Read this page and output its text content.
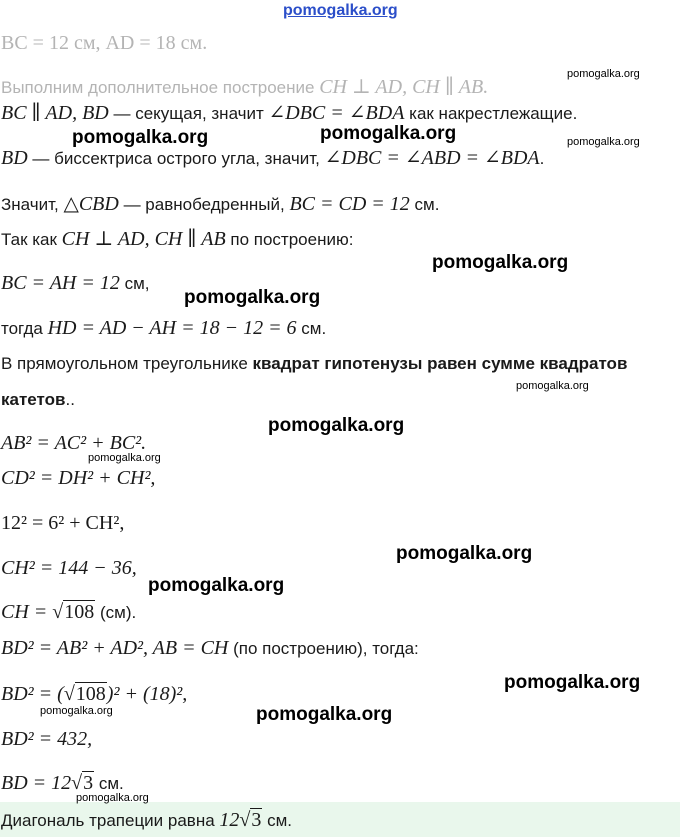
pomogalka.org
BC = 12 см, AD = 18 см.
Выполним дополнительное построение CH ⊥ AD, CH ∥ AB.
BC ∥ AD, BD — секущая, значит ∠DBC = ∠BDA как накрестлежащие.
BD — биссектриса острого угла, значит, ∠DBC = ∠ABD = ∠BDA.
Значит, △CBD — равнобедренный, BC = CD = 12 см.
Так как CH ⊥ AD, CH ∥ AB по построению:
BC = AH = 12 см,
тогда HD = AD − AH = 18 − 12 = 6 см.
В прямоугольном треугольнике квадрат гипотенузы равен сумме квадратов
катетов..
AB² = AC² + BC².
CD² = DH² + CH²,
12² = 6² + CH²,
CH² = 144 − 36,
CH = √108 (см).
BD² = AB² + AD², AB = CH (по построению), тогда:
BD² = (√108)² + (18)²,
BD² = 432,
BD = 12√3 см.
Диагональ трапеции равна 12√3 см.
pomogalka.org
pomogalka.org	pomogalka.org	pomogalka.org
pomogalka.org
pomogalka.org
pomogalka.org
pomogalka.org
pomogalka.org
pomogalka.org
pomogalka.org
pomogalka.org
pomogalka.org	pomogalka.org
pomogalka.org
